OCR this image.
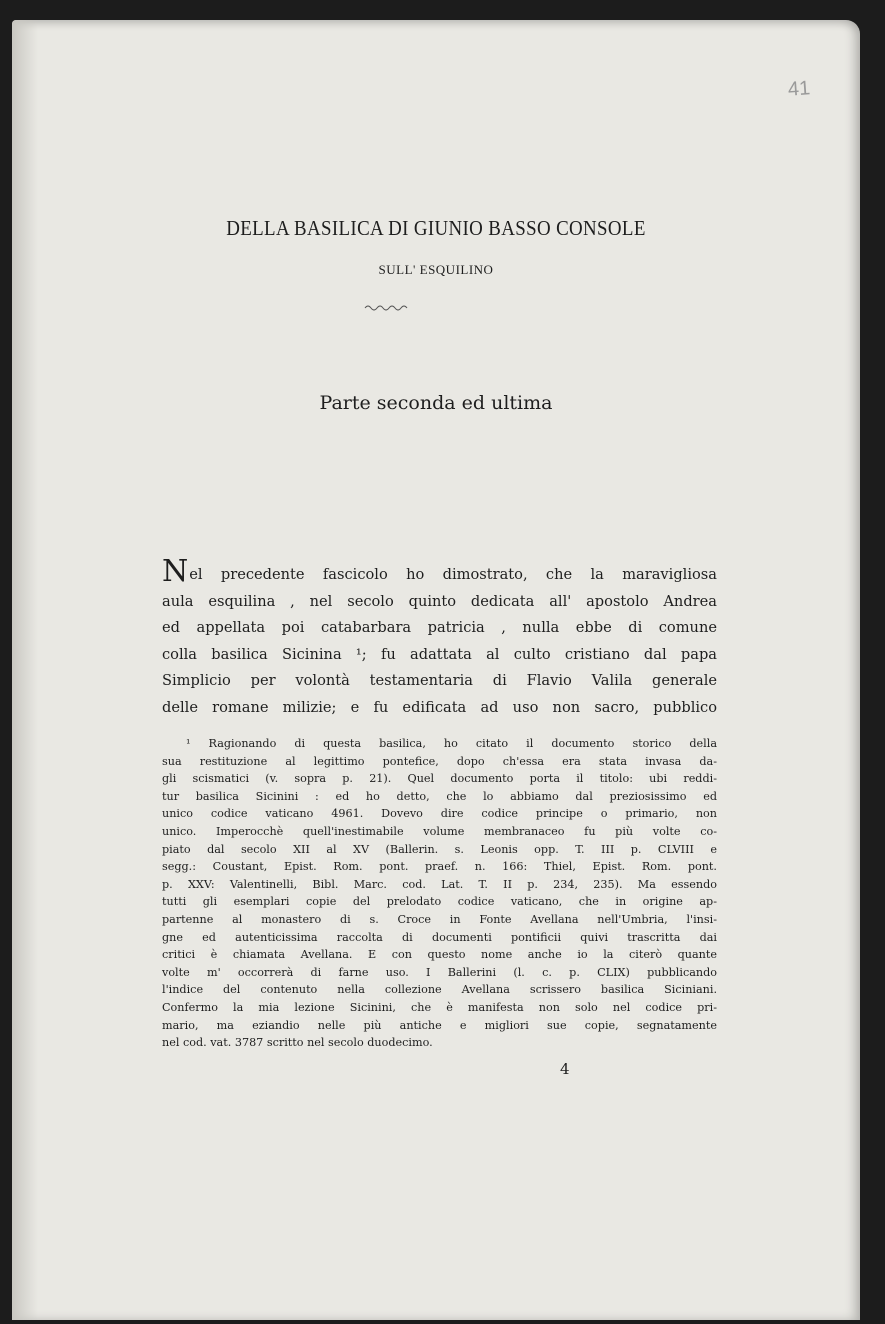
41
DELLA BASILICA DI GIUNIO BASSO CONSOLE
SULL' ESQUILINO
Parte seconda ed ultima
Nel precedente fascicolo ho dimostrato, che la maravigliosa
aula esquilina , nel secolo quinto dedicata all' apostolo Andrea
ed appellata poi catabarbara patricia , nulla ebbe di comune
colla basilica Sicinina ¹; fu adattata al culto cristiano dal papa
Simplicio per volontà testamentaria di Flavio Valila generale
delle romane milizie; e fu edificata ad uso non sacro, pubblico
¹ Ragionando di questa basilica, ho citato il documento storico della
sua restituzione al legittimo pontefice, dopo ch'essa era stata invasa da-
gli scismatici (v. sopra p. 21). Quel documento porta il titolo: ubi reddi-
tur basilica Sicinini : ed ho detto, che lo abbiamo dal preziosissimo ed
unico codice vaticano 4961. Dovevo dire codice principe o primario, non
unico. Imperocchè quell'inestimabile volume membranaceo fu più volte co-
piato dal secolo XII al XV (Ballerin. s. Leonis opp. T. III p. CLVIII e
segg.: Coustant, Epist. Rom. pont. praef. n. 166: Thiel, Epist. Rom. pont.
p. XXV: Valentinelli, Bibl. Marc. cod. Lat. T. II p. 234, 235). Ma essendo
tutti gli esemplari copie del prelodato codice vaticano, che in origine ap-
partenne al monastero di s. Croce in Fonte Avellana nell'Umbria, l'insi-
gne ed autenticissima raccolta di documenti pontificii quivi trascritta dai
critici è chiamata Avellana. E con questo nome anche io la citerò quante
volte m' occorrerà di farne uso. I Ballerini (l. c. p. CLIX) pubblicando
l'indice del contenuto nella collezione Avellana scrissero basilica Siciniani.
Confermo la mia lezione Sicinini, che è manifesta non solo nel codice pri-
mario, ma eziandio nelle più antiche e migliori sue copie, segnatamente
nel cod. vat. 3787 scritto nel secolo duodecimo.
4
